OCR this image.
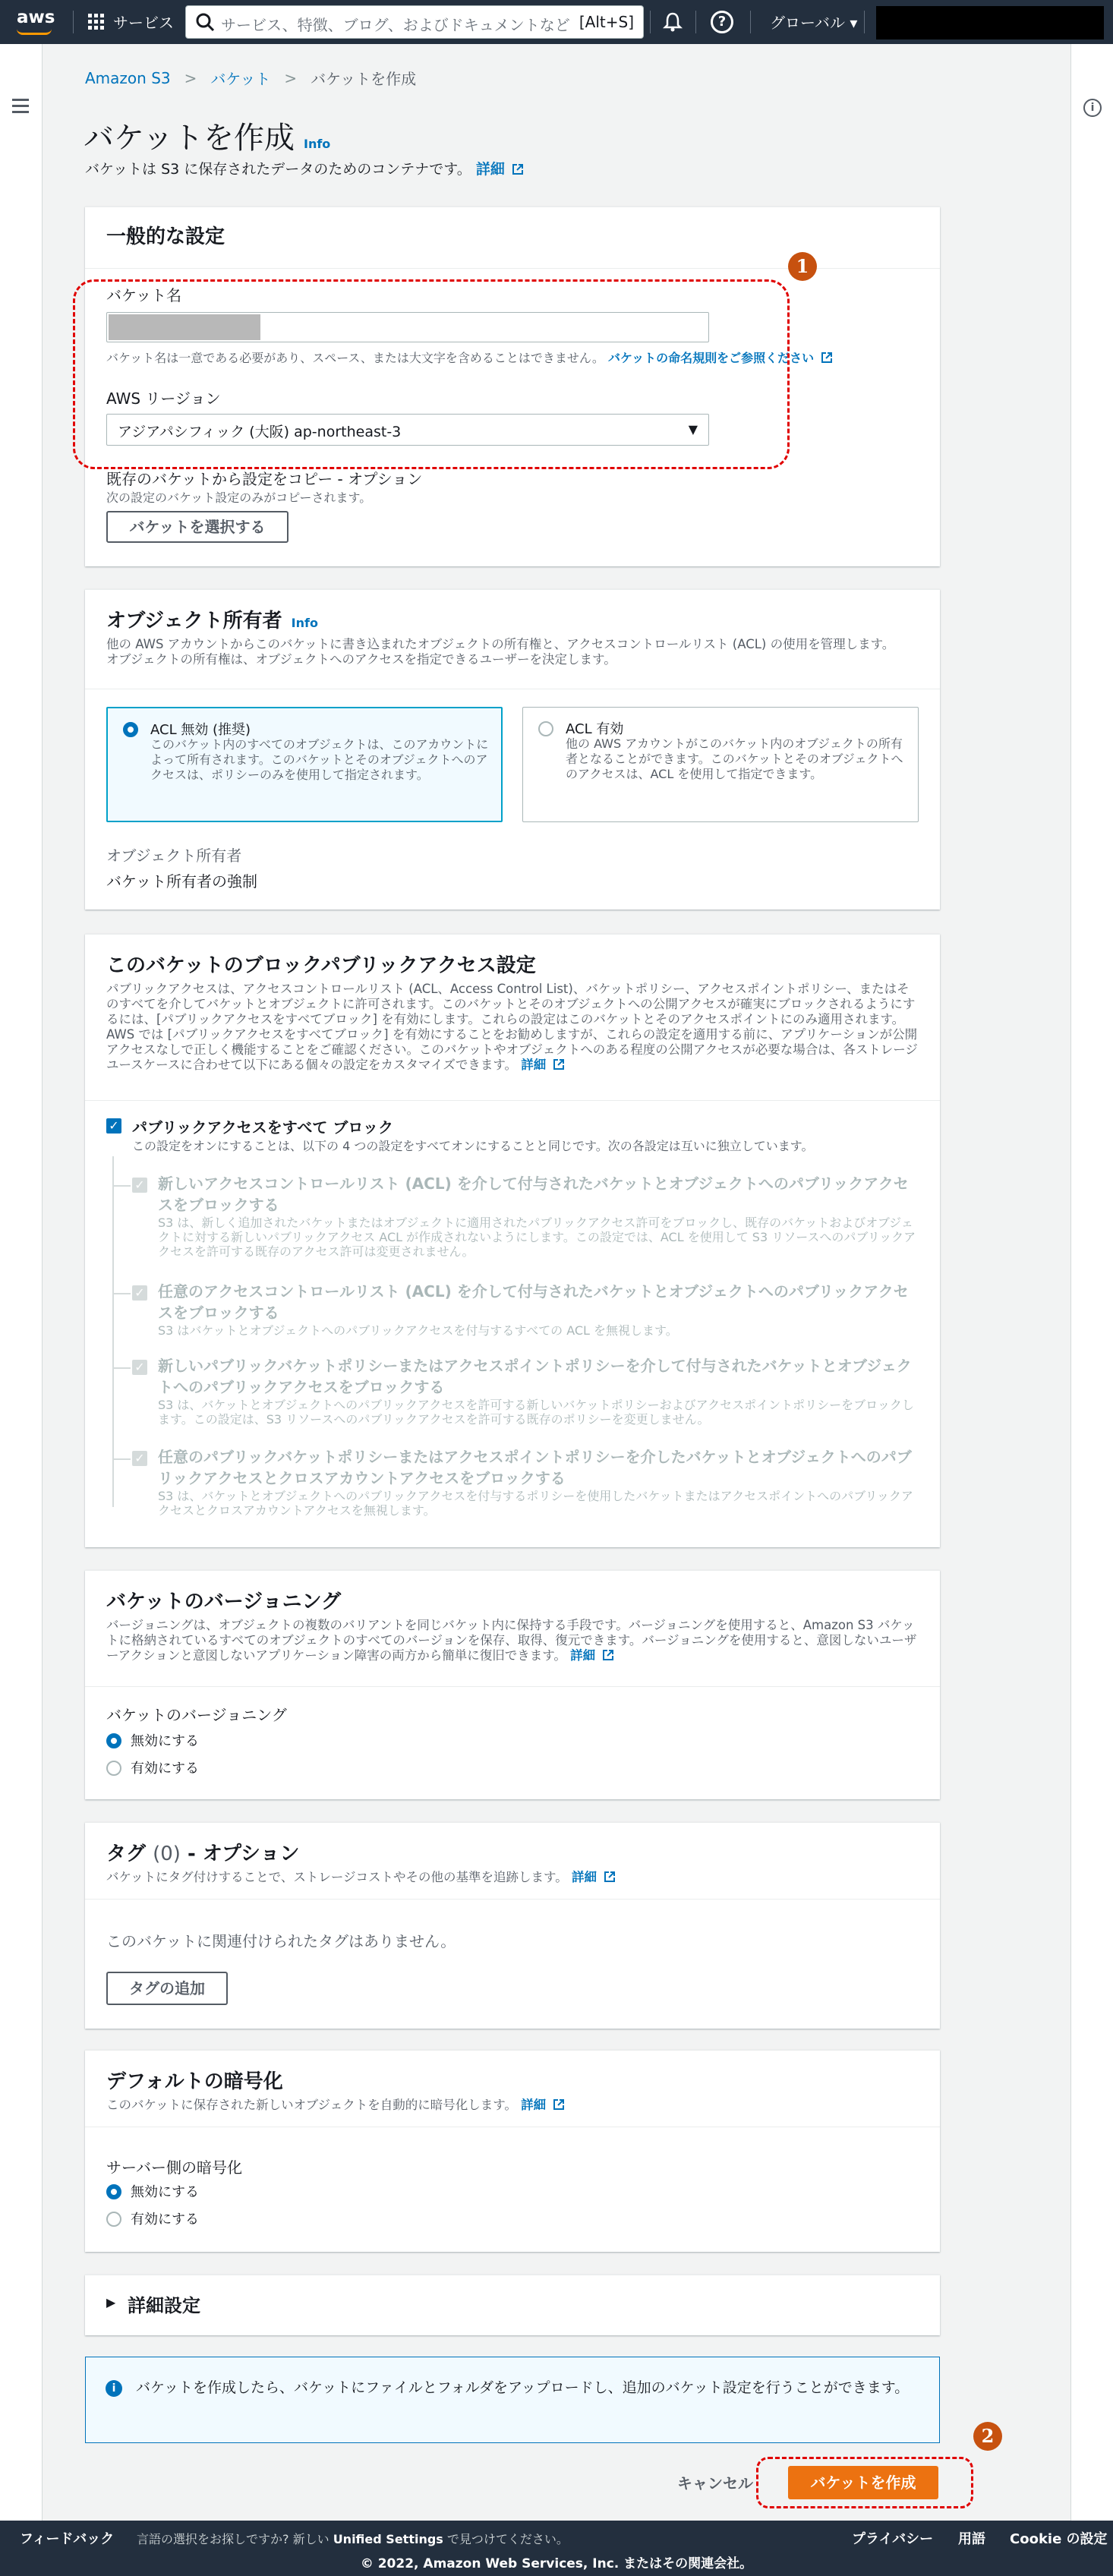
aws	サービス	サービス、特徴、ブログ、およびドキュメントなど [Alt+S]	?	グローバル ▾
i
Amazon S3 > バケット > バケットを作成
バケットを作成 Info
バケットは S3 に保存されたデータのためのコンテナです。 詳細
一般的な設定
バケット名
バケット名は一意である必要があり、スペース、または大文字を含めることはできません。 バケットの命名規則をご参照ください
AWS リージョン
アジアパシフィック (大阪) ap-northeast-3	▼
既存のバケットから設定をコピー - オプション
次の設定のバケット設定のみがコピーされます。
バケットを選択する
オブジェクト所有者 Info
他の AWS アカウントからこのバケットに書き込まれたオブジェクトの所有権と、アクセスコントロールリスト (ACL) の使用を管理します。
オブジェクトの所有権は、オブジェクトへのアクセスを指定できるユーザーを決定します。
ACL 無効 (推奨)
このバケット内のすべてのオブジェクトは、このアカウントによって所有されます。このバケットとそのオブジェクトへのアクセスは、ポリシーのみを使用して指定されます。
ACL 有効
他の AWS アカウントがこのバケット内のオブジェクトの所有者となることができます。このバケットとそのオブジェクトへのアクセスは、ACL を使用して指定できます。
オブジェクト所有者
バケット所有者の強制
このバケットのブロックパブリックアクセス設定
パブリックアクセスは、アクセスコントロールリスト (ACL、Access Control List)、バケットポリシー、アクセスポイントポリシー、またはそのすべてを介してバケットとオブジェクトに許可されます。このバケットとそのオブジェクトへの公開アクセスが確実にブロックされるようにするには、[パブリックアクセスをすべてブロック] を有効にします。これらの設定はこのバケットとそのアクセスポイントにのみ適用されます。AWS では [パブリックアクセスをすべてブロック] を有効にすることをお勧めしますが、これらの設定を適用する前に、アプリケーションが公開アクセスなしで正しく機能することをご確認ください。このバケットやオブジェクトへのある程度の公開アクセスが必要な場合は、各ストレージユースケースに合わせて以下にある個々の設定をカスタマイズできます。 詳細
✓ パブリックアクセスをすべて ブロック
この設定をオンにすることは、以下の 4 つの設定をすべてオンにすることと同じです。次の各設定は互いに独立しています。
✓ 新しいアクセスコントロールリスト (ACL) を介して付与されたバケットとオブジェクトへのパブリックアクセスをブロックする
S3 は、新しく追加されたバケットまたはオブジェクトに適用されたパブリックアクセス許可をブロックし、既存のバケットおよびオブジェクトに対する新しいパブリックアクセス ACL が作成されないようにします。この設定では、ACL を使用して S3 リソースへのパブリックアクセスを許可する既存のアクセス許可は変更されません。
✓ 任意のアクセスコントロールリスト (ACL) を介して付与されたバケットとオブジェクトへのパブリックアクセスをブロックする
S3 はバケットとオブジェクトへのパブリックアクセスを付与するすべての ACL を無視します。
✓ 新しいパブリックバケットポリシーまたはアクセスポイントポリシーを介して付与されたバケットとオブジェクトへのパブリックアクセスをブロックする
S3 は、バケットとオブジェクトへのパブリックアクセスを許可する新しいバケットポリシーおよびアクセスポイントポリシーをブロックします。この設定は、S3 リソースへのパブリックアクセスを許可する既存のポリシーを変更しません。
✓ 任意のパブリックバケットポリシーまたはアクセスポイントポリシーを介したバケットとオブジェクトへのパブリックアクセスとクロスアカウントアクセスをブロックする
S3 は、バケットとオブジェクトへのパブリックアクセスを付与するポリシーを使用したバケットまたはアクセスポイントへのパブリックアクセスとクロスアカウントアクセスを無視します。
バケットのバージョニング
バージョニングは、オブジェクトの複数のバリアントを同じバケット内に保持する手段です。バージョニングを使用すると、Amazon S3 バケットに格納されているすべてのオブジェクトのすべてのバージョンを保存、取得、復元できます。バージョニングを使用すると、意図しないユーザーアクションと意図しないアプリケーション障害の両方から簡単に復旧できます。 詳細
バケットのバージョニング
無効にする
有効にする
タグ (0) - オプション
バケットにタグ付けすることで、ストレージコストやその他の基準を追跡します。 詳細
このバケットに関連付けられたタグはありません。
タグの追加
デフォルトの暗号化
このバケットに保存された新しいオブジェクトを自動的に暗号化します。 詳細
サーバー側の暗号化
無効にする
有効にする
▶ 詳細設定
i	バケットを作成したら、バケットにファイルとフォルダをアップロードし、追加のバケット設定を行うことができます。
キャンセル	バケットを作成
1
2
フィードバック 言語の選択をお探しですか? 新しい Unified Settings で見つけてください。	プライバシー 用語 Cookie の設定
© 2022, Amazon Web Services, Inc. またはその関連会社。
